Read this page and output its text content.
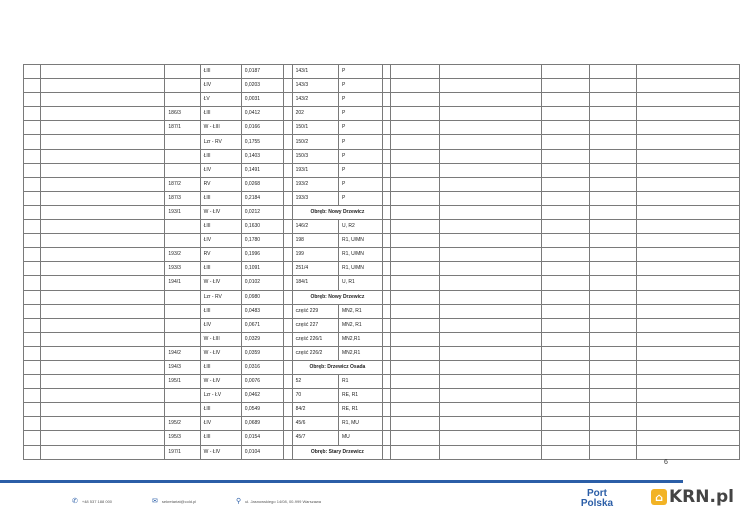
			ŁIII	0,0187		143/1	P						
			ŁIV	0,0203		143/3	P						
			ŁV	0,0031		143/2	P						
		186/3	ŁIII	0,0412		202	P						
		187/1	W - ŁIII	0,0166		150/1	P						
			Lzr - RV	0,1755		150/2	P						
			ŁIII	0,1403		150/3	P						
			ŁIV	0,1491		193/1	P						
		187/2	RV	0,0268		193/2	P						
		187/3	ŁIII	0,2184		193/3	P						
		193/1	W - ŁIV	0,0212		Obręb: Nowy Drzewicz							
			ŁIII	0,1630		146/2	U, R2						
			ŁIV	0,1780		198	R1, U/MN						
		193/2	RV	0,1996		199	R1, U/MN						
		193/3	ŁIII	0,1091		251/4	R1, U/MN						
		194/1	W - ŁIV	0,0102		184/1	U, R1						
			Lzr - RV	0,0980		Obręb: Nowy Drzewicz							
			ŁIII	0,0483		część 229	MN2, R1						
			ŁIV	0,0671		część 227	MN2, R1						
			W - ŁIII	0,0329		część 226/1	MN2,R1						
		194/2	W - ŁIV	0,0359		część 226/2	MN2,R1						
		194/3	ŁIII	0,0316		Obręb: Drzewicz Osada							
		195/1	W - ŁIV	0,0076		52	R1						
			Lzr - ŁV	0,0462		70	RE, R1						
			ŁIII	0,0549		84/2	RE, R1						
		195/2	ŁIV	0,0689		45/6	R1, MU						
		195/3	ŁIII	0,0154		45/7	MU						
		197/1	W - ŁIV	0,0104		Obręb: Stary Drzewicz							
6
✆ +48 537 188 000	✉ sekretariat@cold.pl	⚲ ul. Jasnowskiego 14/08, 00-999 Warszawa
Port
Polska	⌂ KRN.pl
